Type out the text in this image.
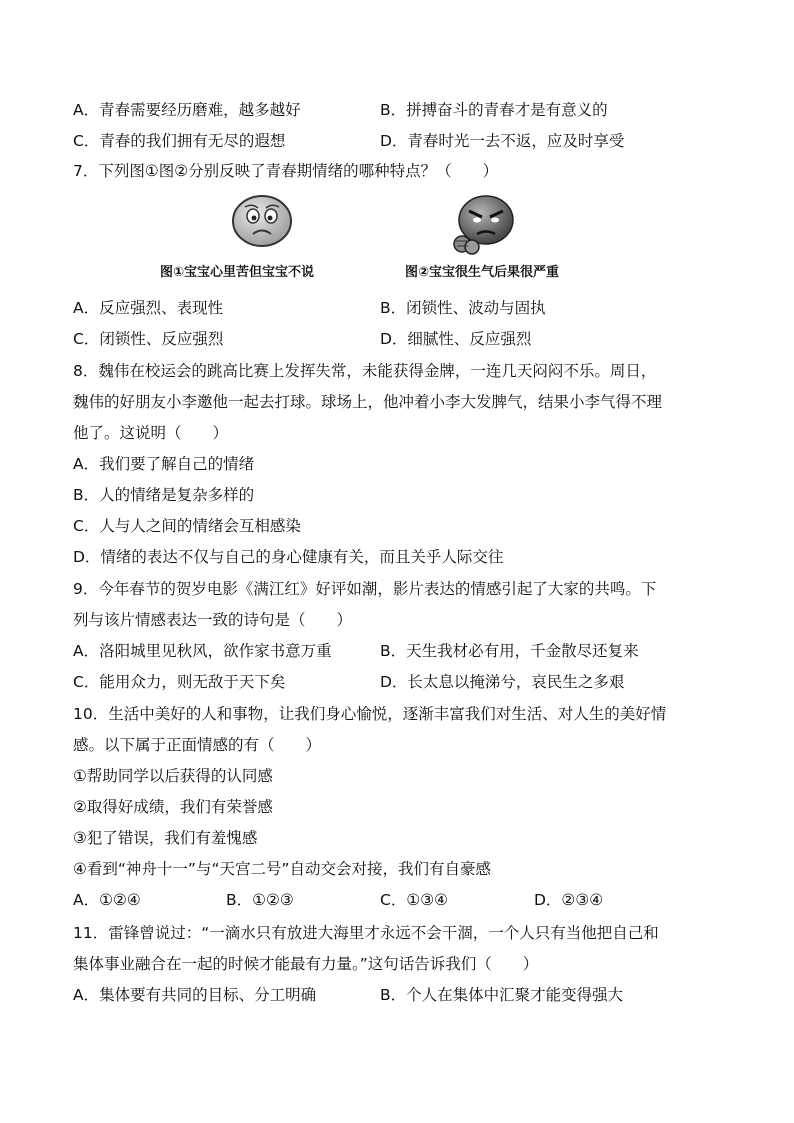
A．青春需要经历磨难，越多越好	B．拼搏奋斗的青春才是有意义的
C．青春的我们拥有无尽的遐想	D．青春时光一去不返，应及时享受
7．下列图①图②分别反映了青春期情绪的哪种特点？（　　）
图①宝宝心里苦但宝宝不说	图②宝宝很生气后果很严重
A．反应强烈、表现性	B．闭锁性、波动与固执
C．闭锁性、反应强烈	D．细腻性、反应强烈
8．魏伟在校运会的跳高比赛上发挥失常，未能获得金牌，一连几天闷闷不乐。周日，
魏伟的好朋友小李邀他一起去打球。球场上，他冲着小李大发脾气，结果小李气得不理
他了。这说明（　　）
A．我们要了解自己的情绪
B．人的情绪是复杂多样的
C．人与人之间的情绪会互相感染
D．情绪的表达不仅与自己的身心健康有关，而且关乎人际交往
9．今年春节的贺岁电影《满江红》好评如潮，影片表达的情感引起了大家的共鸣。下
列与该片情感表达一致的诗句是（　　）
A．洛阳城里见秋风，欲作家书意万重	B．天生我材必有用，千金散尽还复来
C．能用众力，则无敌于天下矣	D．长太息以掩涕兮，哀民生之多艰
10．生活中美好的人和事物，让我们身心愉悦，逐渐丰富我们对生活、对人生的美好情
感。以下属于正面情感的有（　　）
①帮助同学以后获得的认同感
②取得好成绩，我们有荣誉感
③犯了错误，我们有羞愧感
④看到“神舟十一”与“天宫二号”自动交会对接，我们有自豪感
A．①②④	B．①②③	C．①③④	D．②③④
11．雷锋曾说过：“一滴水只有放进大海里才永远不会干涸，一个人只有当他把自己和
集体事业融合在一起的时候才能最有力量。”这句话告诉我们（　　）
A．集体要有共同的目标、分工明确	B．个人在集体中汇聚才能变得强大
